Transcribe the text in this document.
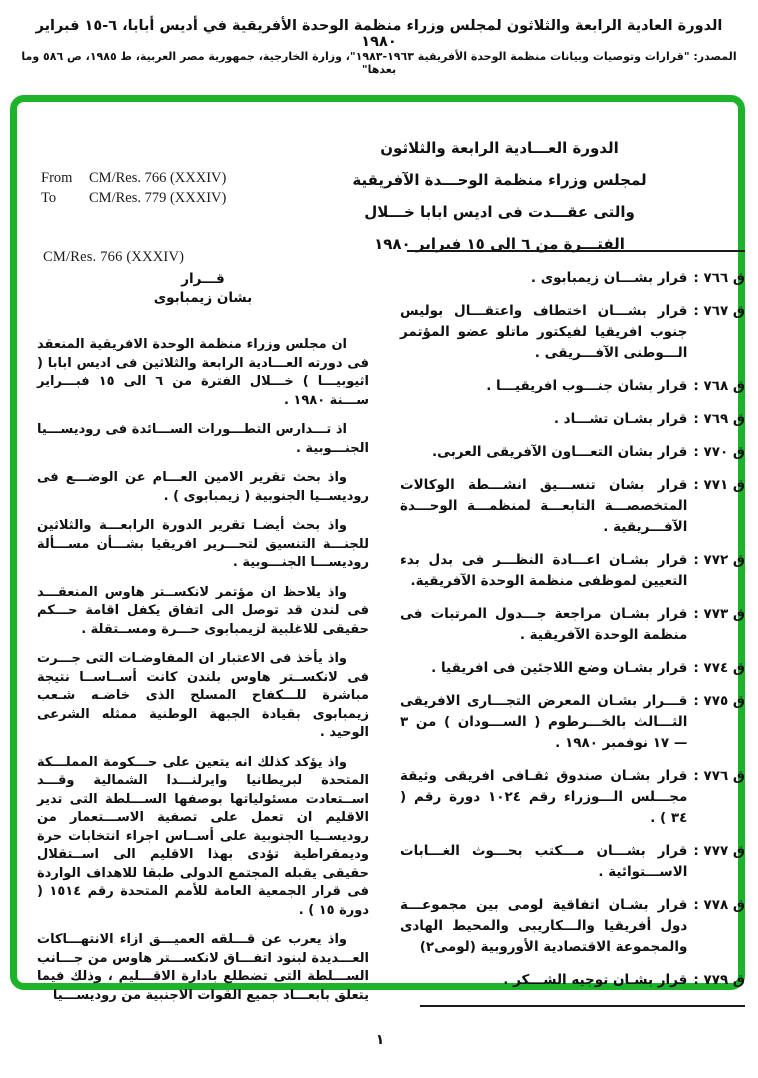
الدورة العادية الرابعة والثلاثون لمجلس وزراء منظمة الوحدة الأفريقية في أديس أبابا، ٦-١٥ فبراير ١٩٨٠
المصدر: "قرارات وتوصيات وبيانات منظمة الوحدة الأفريقية ١٩٦٣-١٩٨٣"، وزارة الخارجية، جمهورية مصر العربية، ط ١٩٨٥، ص ٥٨٦ وما بعدها"
الدورة العـــادية الرابعة والثلاثون
لمجلس وزراء منظمة الوحـــدة الآفريقية
والتى عقـــدت فى اديس ابابا خـــلال
الفتـــرة من ٦ الى ١٥ فبراير ١٩٨٠
From	CM/Res. 766 (XXXIV)
To	CM/Res. 779 (XXXIV)
CM/Res. 766 (XXXIV)
قـــرار
بشان زيمبابوى

ان مجلس وزراء منظمة الوحدة الافريقية المنعقد فى دورته العـــادية الرابعة والثلاثين فى اديس ابابا ( اثيوبيـــا ) خـــلال الفترة من ٦ الى ١٥ فبـــراير ســـنة ١٩٨٠ .

اذ تـــدارس التطـــورات الســـائدة فى روديســـيا الجنـــوبية .

واذ بحث تقرير الامين العـــام عن الوضـــع فى روديســيا الجنوبية ( زيمبابوى ) .

واذ بحث أيضـا تقرير الدورة الرابعـــة والثلاثين للجنـــة التنسيق لتحـــرير افريقيا بشـــأن مســـألة روديســـا الجنـــوبية .

واذ يلاحظ ان مؤتمر لانكســتر هاوس المنعقـــد فى لندن قد توصل الى اتفاق يكفل اقامة حـــكم حقيقى للاغلبية لزيمبابوى حـــرة ومســتقلة .

واذ يأخذ فى الاعتبار ان المفاوضـات التى جـــرت فى لانكســتر هاوس بلندن كانت أســاســا نتيجة مباشرة للـــكفاح المسلح الذى خاضـه شـعب زيمبابوى بقيادة الجبهة الوطنية ممثله الشرعى الوحيد .

واذ يؤكد كذلك انه يتعين على حـــكومة المملـــكة المتحدة لبريطانيا وايرلنـــدا الشمالية وقـــد اســتعادت مسئولياتها بوصفها الســـلطة التى تدير الاقليم ان تعمل على تصفية الاســـتعمار من روديســيا الجنوبية على أســاس اجراء انتخابات حرة وديمقراطية تؤدى بهذا الاقليم الى اســتقلال حقيقى يقبله المجتمع الدولى طبقا للاهداف الواردة فى قرار الجمعية العامة للأمم المتحدة رقم ١٥١٤ ( دورة ١٥ ) .

واذ يعرب عن قـــلقه العميـــق ازاء الانتهـــاكات العـــديدة لبنود اتفـــاق لانكســـتر هاوس من جـــانب الســـلطة التى تضطلع بادارة الاقـــليم ، وذلك فيما يتعلق بابعـــاد جميع القوات الاجنبية من روديســـيا

ق ٧٦٦ :
قرار بشـــان زيمبابوى .
ق ٧٦٧ :
قرار بشـــان اختطاف واعتقـــال بوليس جنوب افريقيا لفيكتور ماتلو عضو المؤتمر الـــوطنى الآفـــريقى .
ق ٧٦٨ :
قرار بشان جنـــوب افريقيـــا .
ق ٧٦٩ :
قرار بشـان تشـــاد .
ق ٧٧٠ :
قرار بشان التعـــاون الآفريقى العربى.
ق ٧٧١ :
قرار بشان تنســـيق انشـــطة الوكالات المتخصصـــة التابعـــة لمنظمـــة الوحـــدة الآفـــريقية .
ق ٧٧٢ :
قرار بشـان اعـــادة النظـــر فى بدل بدء التعيين لموظفى منظمة الوحدة الآفريقية.
ق ٧٧٣ :
قرار بشـان مراجعة جـــدول المرتبات فى منظمة الوحدة الآفريقية .
ق ٧٧٤ :
قرار بشـان وضع اللاجئين فى افريقيا .
ق ٧٧٥ :
قـــرار بشـان المعرض التجـــارى الافريقى الثـــالث بالخـــرطوم ( الســـودان ) من ٣ — ١٧ نوفمبر ١٩٨٠ .
ق ٧٧٦ :
قرار بشـان صندوق ثقـافى افريقى وثيقة مجـــلس الـــوزراء رقم ١٠٢٤ دورة رقم ( ٣٤ ) .
ق ٧٧٧ :
قرار بشـــان مـــكتب بحـــوث الغـــابات الاســـتوائية .
ق ٧٧٨ :
قرار بشـان اتفاقية لومى بين مجموعـــة دول أفريقيا والـــكاريبى والمحيط الهادى والمجموعة الاقتصادية الأوروبية (لومى٢)
ق ٧٧٩ :
قرار بشـان توجيه الشـــكر .
١
